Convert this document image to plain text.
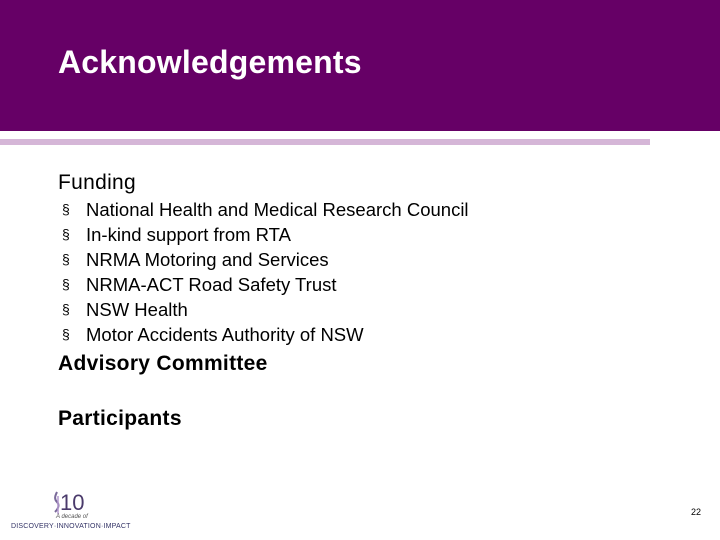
Acknowledgements
Funding
§ National Health and Medical Research Council
§ In-kind support from RTA
§ NRMA Motoring and Services
§ NRMA-ACT Road Safety Trust
§ NSW Health
§ Motor Accidents Authority of NSW
Advisory Committee
Participants
10
A decade of
DISCOVERY·INNOVATION·IMPACT
22
